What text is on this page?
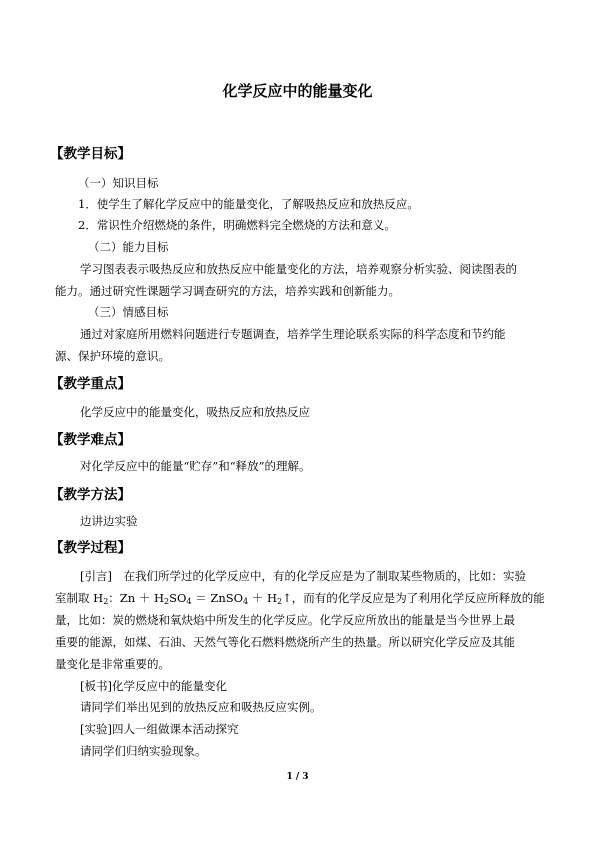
化学反应中的能量变化
【教学目标】
（一）知识目标
1．使学生了解化学反应中的能量变化，了解吸热反应和放热反应。
2．常识性介绍燃烧的条件，明确燃料完全燃烧的方法和意义。
（二）能力目标
学习图表表示吸热反应和放热反应中能量变化的方法，培养观察分析实验、阅读图表的
能力。通过研究性课题学习调查研究的方法，培养实践和创新能力。
（三）情感目标
通过对家庭所用燃料问题进行专题调查，培养学生理论联系实际的科学态度和节约能
源、保护环境的意识。
【教学重点】
化学反应中的能量变化，吸热反应和放热反应
【教学难点】
对化学反应中的能量“贮存”和“释放”的理解。
【教学方法】
边讲边实验
【教学过程】
[引言]　在我们所学过的化学反应中，有的化学反应是为了制取某些物质的，比如：实验
室制取 $H_2$：$Zn + H_2SO_4$ ＝ ZnSO$_4$ ＋ $H_2↑$，而有的化学反应是为了利用化学反应所释放的能
量，比如：炭的燃烧和氧炔焰中所发生的化学反应。化学反应所放出的能量是当今世界上最
重要的能源，如煤、石油、天然气等化石燃料燃烧所产生的热量。所以研究化学反应及其能
量变化是非常重要的。
[板书]化学反应中的能量变化
请同学们举出见到的放热反应和吸热反应实例。
[实验]四人一组做课本活动探究
请同学们归纳实验现象。
1 / 3
